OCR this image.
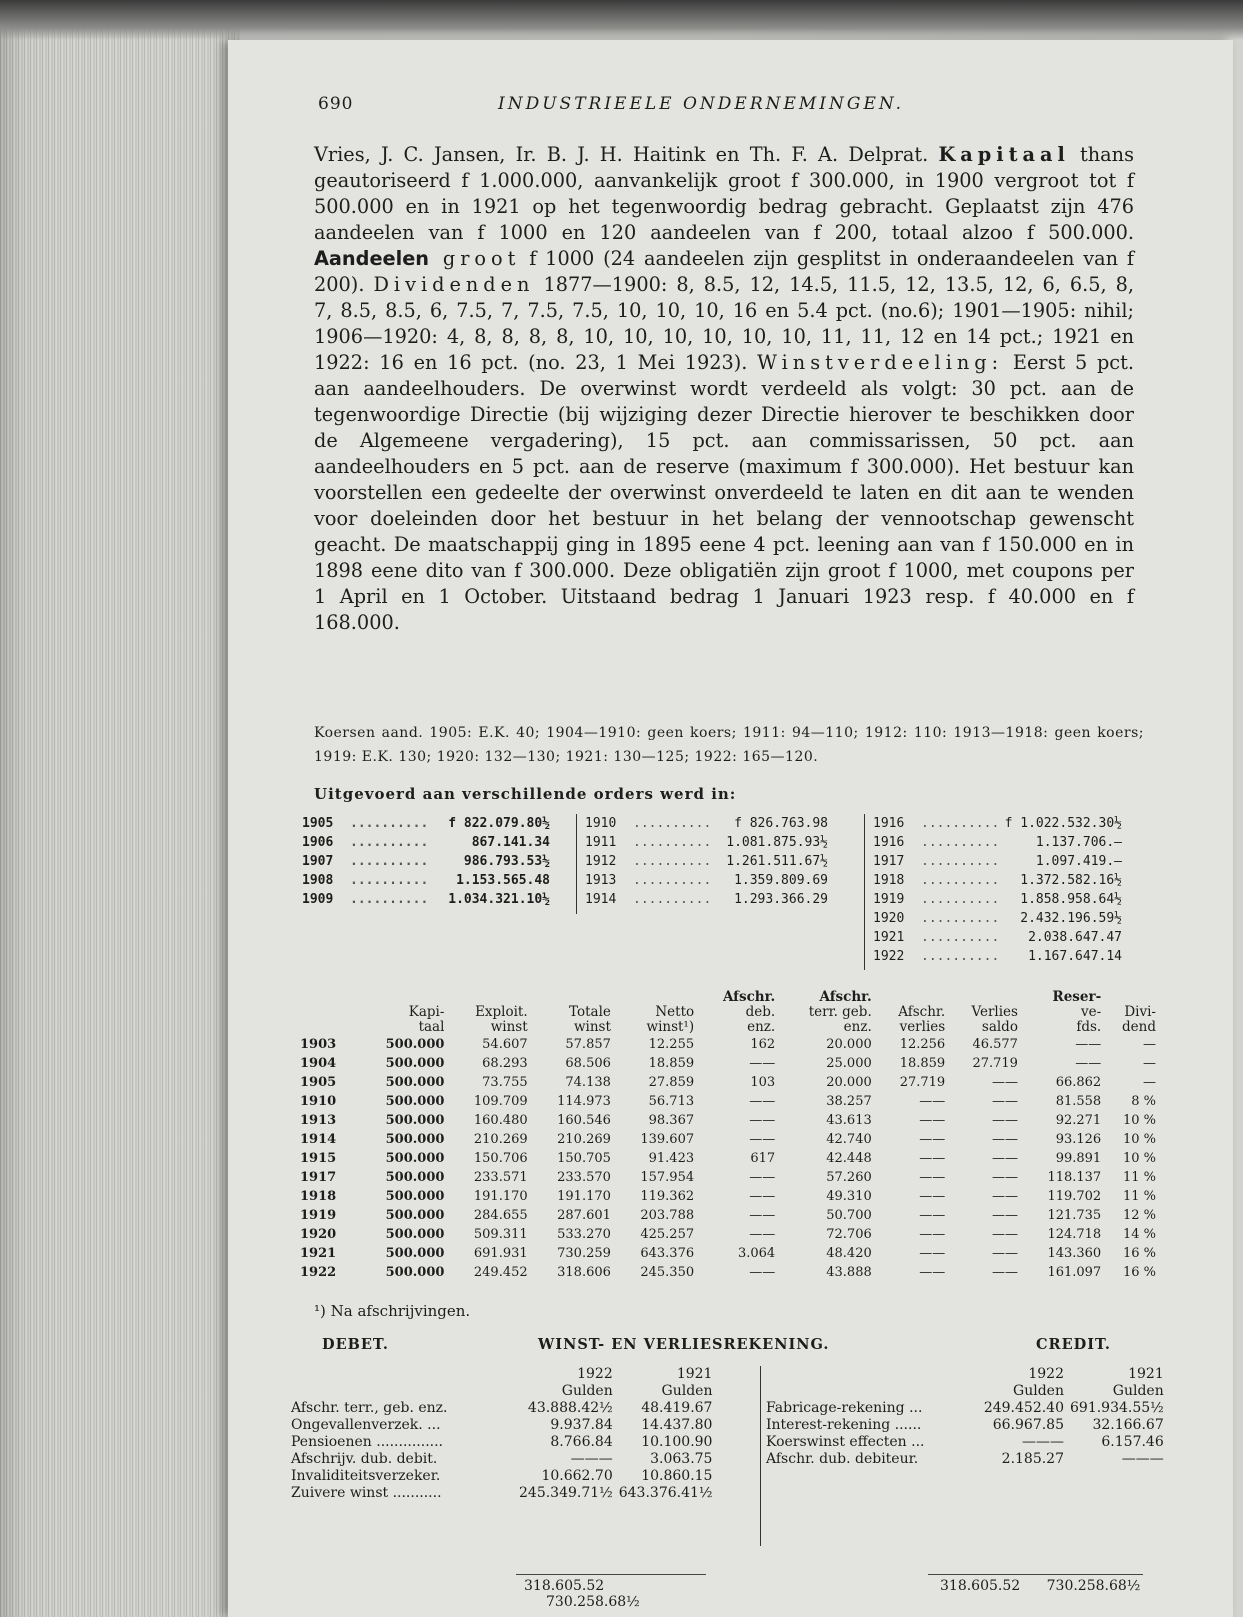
690	INDUSTRIEELE ONDERNEMINGEN.
Vries, J. C. Jansen, Ir. B. J. H. Haitink en Th. F. A. Delprat. Kapitaal thans geautoriseerd f 1.000.000, aanvankelijk groot f 300.000, in 1900 vergroot tot f 500.000 en in 1921 op het tegenwoordig bedrag gebracht. Geplaatst zijn 476 aandeelen van f 1000 en 120 aandeelen van f 200, totaal alzoo f 500.000. Aandeelen groot f 1000 (24 aandeelen zijn gesplitst in onderaandeelen van f 200). Dividenden 1877—1900: 8, 8.5, 12, 14.5, 11.5, 12, 13.5, 12, 6, 6.5, 8, 7, 8.5, 8.5, 6, 7.5, 7, 7.5, 7.5, 10, 10, 10, 16 en 5.4 pct. (no.6); 1901—1905: nihil; 1906—1920: 4, 8, 8, 8, 8, 10, 10, 10, 10, 10, 10, 11, 11, 12 en 14 pct.; 1921 en 1922: 16 en 16 pct. (no. 23, 1 Mei 1923). Winstverdeeling: Eerst 5 pct. aan aandeelhouders. De overwinst wordt verdeeld als volgt: 30 pct. aan de tegenwoordige Directie (bij wijziging dezer Directie hierover te beschikken door de Algemeene vergadering), 15 pct. aan commissarissen, 50 pct. aan aandeelhouders en 5 pct. aan de reserve (maximum f 300.000). Het bestuur kan voorstellen een gedeelte der overwinst onverdeeld te laten en dit aan te wenden voor doeleinden door het bestuur in het belang der vennootschap gewenscht geacht. De maatschappij ging in 1895 eene 4 pct. leening aan van f 150.000 en in 1898 eene dito van f 300.000. Deze obligatiën zijn groot f 1000, met coupons per 1 April en 1 October. Uitstaand bedrag 1 Januari 1923 resp. f 40.000 en f 168.000.
Koersen aand. 1905: E.K. 40; 1904—1910: geen koers; 1911: 94—110; 1912: 110: 1913—1918: geen koers; 1919: E.K. 130; 1920: 132—130; 1921: 130—125; 1922: 165—120.
Uitgevoerd aan verschillende orders werd in:
1905 .......... f 822.079.80½
1906 ..........	867.141.34
1907 ..........	986.793.53½
1908 .......... 1.153.565.48
1909 .......... 1.034.321.10½
1910 .......... f 826.763.98
1911 .......... 1.081.875.93½
1912 .......... 1.261.511.67½
1913 .......... 1.359.809.69
1914 .......... 1.293.366.29
1916 .......... f 1.022.532.30½
1916 ..........	1.137.706.—
1917 ..........	1.097.419.—
1918 .......... 1.372.582.16½
1919 .......... 1.858.958.64½
1920 .......... 2.432.196.59½
1921 .......... 2.038.647.47
1922 .......... 1.167.647.14
					Afschr.	Afschr.			Reser-	
	Kapi-	Exploit.	Totale	Netto	deb.	terr. geb.	Afschr.	Verlies	ve-	Divi-
	taal	winst	winst	winst¹)	enz.	enz.	verlies	saldo	fds.	dend
1903	500.000	54.607	57.857	12.255	162	20.000	12.256	46.577	——	—
1904	500.000	68.293	68.506	18.859	——	25.000	18.859	27.719	——	—
1905	500.000	73.755	74.138	27.859	103	20.000	27.719	——	66.862	—
1910	500.000	109.709	114.973	56.713	——	38.257	——	——	81.558	8 %
1913	500.000	160.480	160.546	98.367	——	43.613	——	——	92.271	10 %
1914	500.000	210.269	210.269	139.607	——	42.740	——	——	93.126	10 %
1915	500.000	150.706	150.705	91.423	617	42.448	——	——	99.891	10 %
1917	500.000	233.571	233.570	157.954	——	57.260	——	——	118.137	11 %
1918	500.000	191.170	191.170	119.362	——	49.310	——	——	119.702	11 %
1919	500.000	284.655	287.601	203.788	——	50.700	——	——	121.735	12 %
1920	500.000	509.311	533.270	425.257	——	72.706	——	——	124.718	14 %
1921	500.000	691.931	730.259	643.376	3.064	48.420	——	——	143.360	16 %
1922	500.000	249.452	318.606	245.350	——	43.888	——	——	161.097	16 %
¹) Na afschrijvingen.
DEBET.	WINST- EN VERLIESREKENING.	CREDIT.
	1922	1921
	Gulden	Gulden
Afschr. terr., geb. enz.	43.888.42½	48.419.67
Ongevallenverzek. ...	9.937.84	14.437.80
Pensioenen ...............	8.766.84	10.100.90
Afschrijv. dub. debit.	———	3.063.75
Invaliditeitsverzeker.	10.662.70	10.860.15
Zuivere winst ...........	245.349.71½	643.376.41½
	1922	1921
	Gulden	Gulden
Fabricage-rekening ...	249.452.40	691.934.55½
Interest-rekening ......	66.967.85	32.166.67
Koerswinst effecten ...	———	6.157.46
Afschr. dub. debiteur.	2.185.27	———
318.605.52 730.258.68½
318.605.52 730.258.68½
